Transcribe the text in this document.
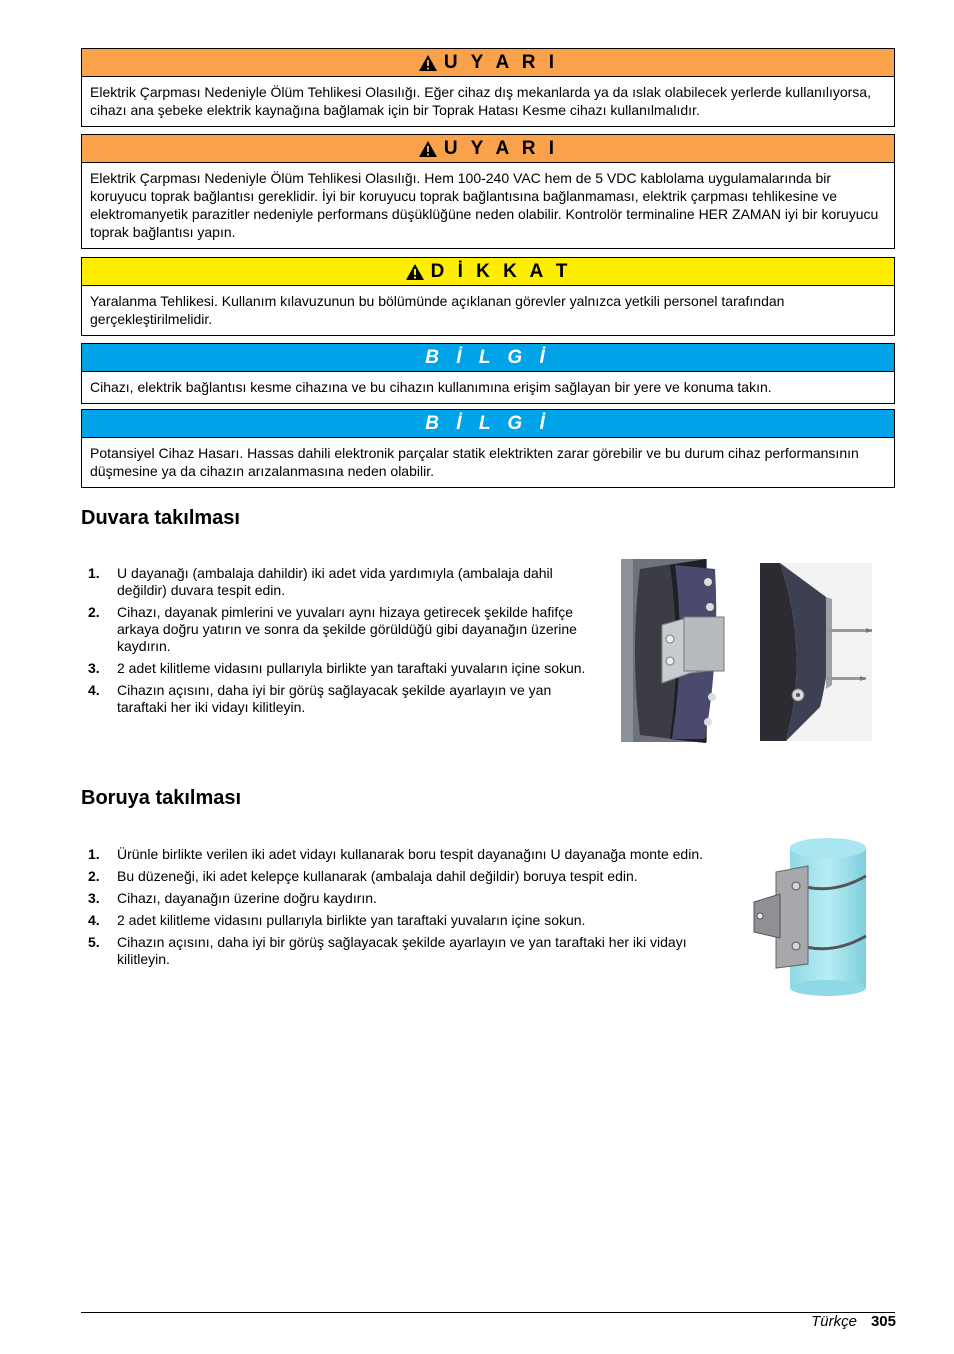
U Y A R I
Elektrik Çarpması Nedeniyle Ölüm Tehlikesi Olasılığı. Eğer cihaz dış mekanlarda ya da ıslak olabilecek yerlerde kullanılıyorsa, cihazı ana şebeke elektrik kaynağına bağlamak için bir Toprak Hatası Kesme cihazı kullanılmalıdır.
U Y A R I
Elektrik Çarpması Nedeniyle Ölüm Tehlikesi Olasılığı. Hem 100-240 VAC hem de 5 VDC kablolama uygulamalarında bir koruyucu toprak bağlantısı gereklidir. İyi bir koruyucu toprak bağlantısına bağlanmaması, elektrik çarpması tehlikesine ve elektromanyetik parazitler nedeniyle performans düşüklüğüne neden olabilir. Kontrolör terminaline HER ZAMAN iyi bir koruyucu toprak bağlantısı yapın.
D İ K K A T
Yaralanma Tehlikesi. Kullanım kılavuzunun bu bölümünde açıklanan görevler yalnızca yetkili personel tarafından gerçekleştirilmelidir.
B İ L G İ
Cihazı, elektrik bağlantısı kesme cihazına ve bu cihazın kullanımına erişim sağlayan bir yere ve konuma takın.
B İ L G İ
Potansiyel Cihaz Hasarı. Hassas dahili elektronik parçalar statik elektrikten zarar görebilir ve bu durum cihaz performansının düşmesine ya da cihazın arızalanmasına neden olabilir.
Duvara takılması
1. U dayanağı (ambalaja dahildir) iki adet vida yardımıyla (ambalaja dahil değildir) duvara tespit edin.
2. Cihazı, dayanak pimlerini ve yuvaları aynı hizaya getirecek şekilde hafifçe arkaya doğru yatırın ve sonra da şekilde görüldüğü gibi dayanağın üzerine kaydırın.
3. 2 adet kilitleme vidasını pullarıyla birlikte yan taraftaki yuvaların içine sokun.
4. Cihazın açısını, daha iyi bir görüş sağlayacak şekilde ayarlayın ve yan taraftaki her iki vidayı kilitleyin.
Boruya takılması
1. Ürünle birlikte verilen iki adet vidayı kullanarak boru tespit dayanağını U dayanağa monte edin.
2. Bu düzeneği, iki adet kelepçe kullanarak (ambalaja dahil değildir) boruya tespit edin.
3. Cihazı, dayanağın üzerine doğru kaydırın.
4. 2 adet kilitleme vidasını pullarıyla birlikte yan taraftaki yuvaların içine sokun.
5. Cihazın açısını, daha iyi bir görüş sağlayacak şekilde ayarlayın ve yan taraftaki her iki vidayı kilitleyin.
Türkçe 305
